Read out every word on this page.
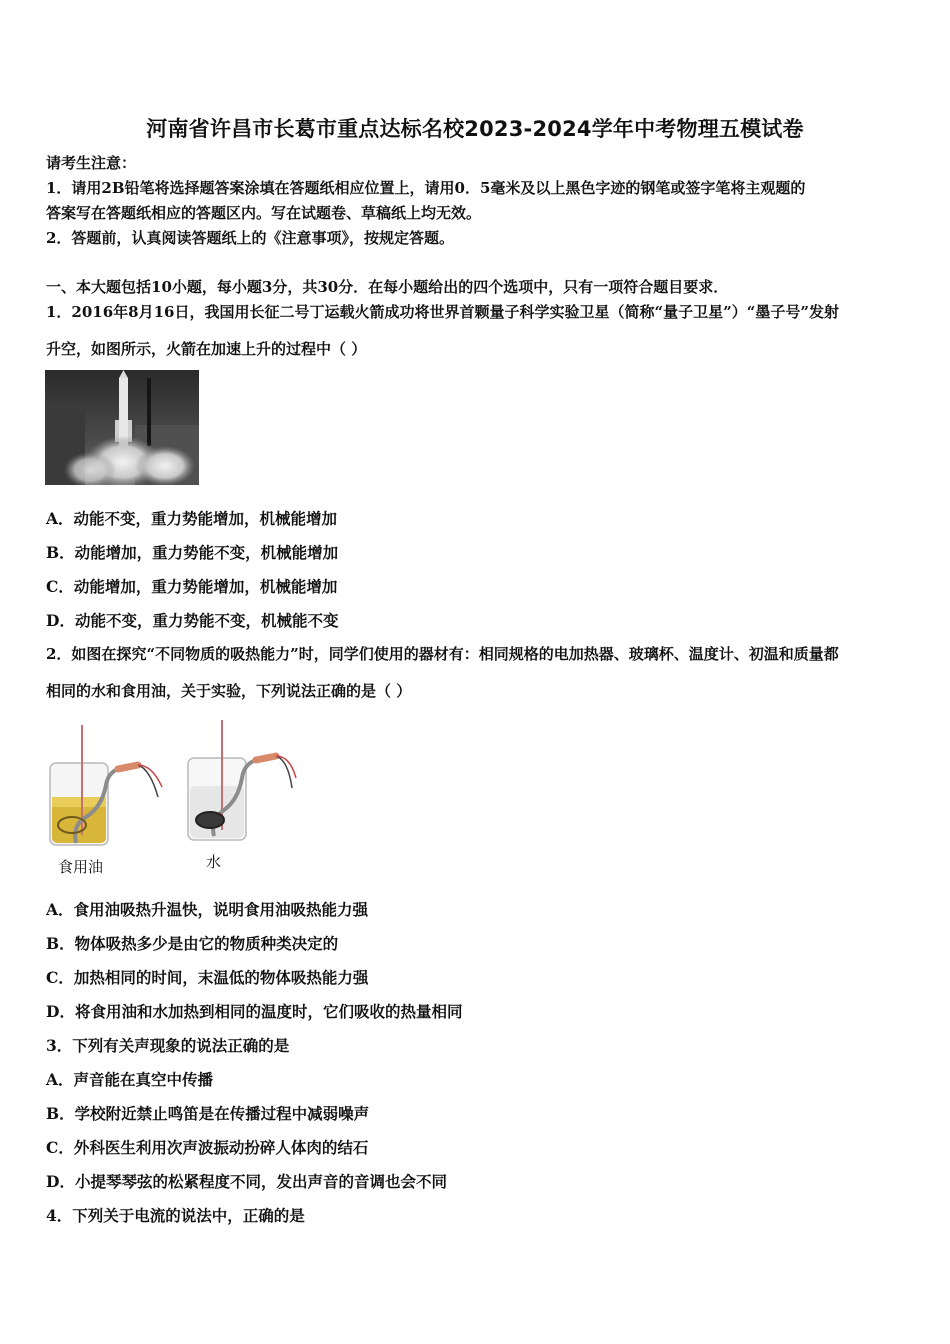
河南省许昌市长葛市重点达标名校2023-2024学年中考物理五模试卷
请考生注意：
1．请用2B铅笔将选择题答案涂填在答题纸相应位置上，请用0．5毫米及以上黑色字迹的钢笔或签字笔将主观题的
答案写在答题纸相应的答题区内。写在试题卷、草稿纸上均无效。
2．答题前，认真阅读答题纸上的《注意事项》，按规定答题。
一、本大题包括10小题，每小题3分，共30分．在每小题给出的四个选项中，只有一项符合题目要求．
1．2016年8月16日，我国用长征二号丁运载火箭成功将世界首颗量子科学实验卫星（简称“量子卫星”）“墨子号”发射
升空，如图所示，火箭在加速上升的过程中（ ）
A．动能不变，重力势能增加，机械能增加
B．动能增加，重力势能不变，机械能增加
C．动能增加，重力势能增加，机械能增加
D．动能不变，重力势能不变，机械能不变
2．如图在探究“不同物质的吸热能力”时，同学们使用的器材有：相同规格的电加热器、玻璃杯、温度计、初温和质量都
相同的水和食用油，关于实验，下列说法正确的是（ ）
食用油	水
A．食用油吸热升温快，说明食用油吸热能力强
B．物体吸热多少是由它的物质种类决定的
C．加热相同的时间，末温低的物体吸热能力强
D．将食用油和水加热到相同的温度时，它们吸收的热量相同
3．下列有关声现象的说法正确的是
A．声音能在真空中传播
B．学校附近禁止鸣笛是在传播过程中减弱噪声
C．外科医生利用次声波振动扮碎人体肉的结石
D．小提琴琴弦的松紧程度不同，发出声音的音调也会不同
4．下列关于电流的说法中，正确的是
